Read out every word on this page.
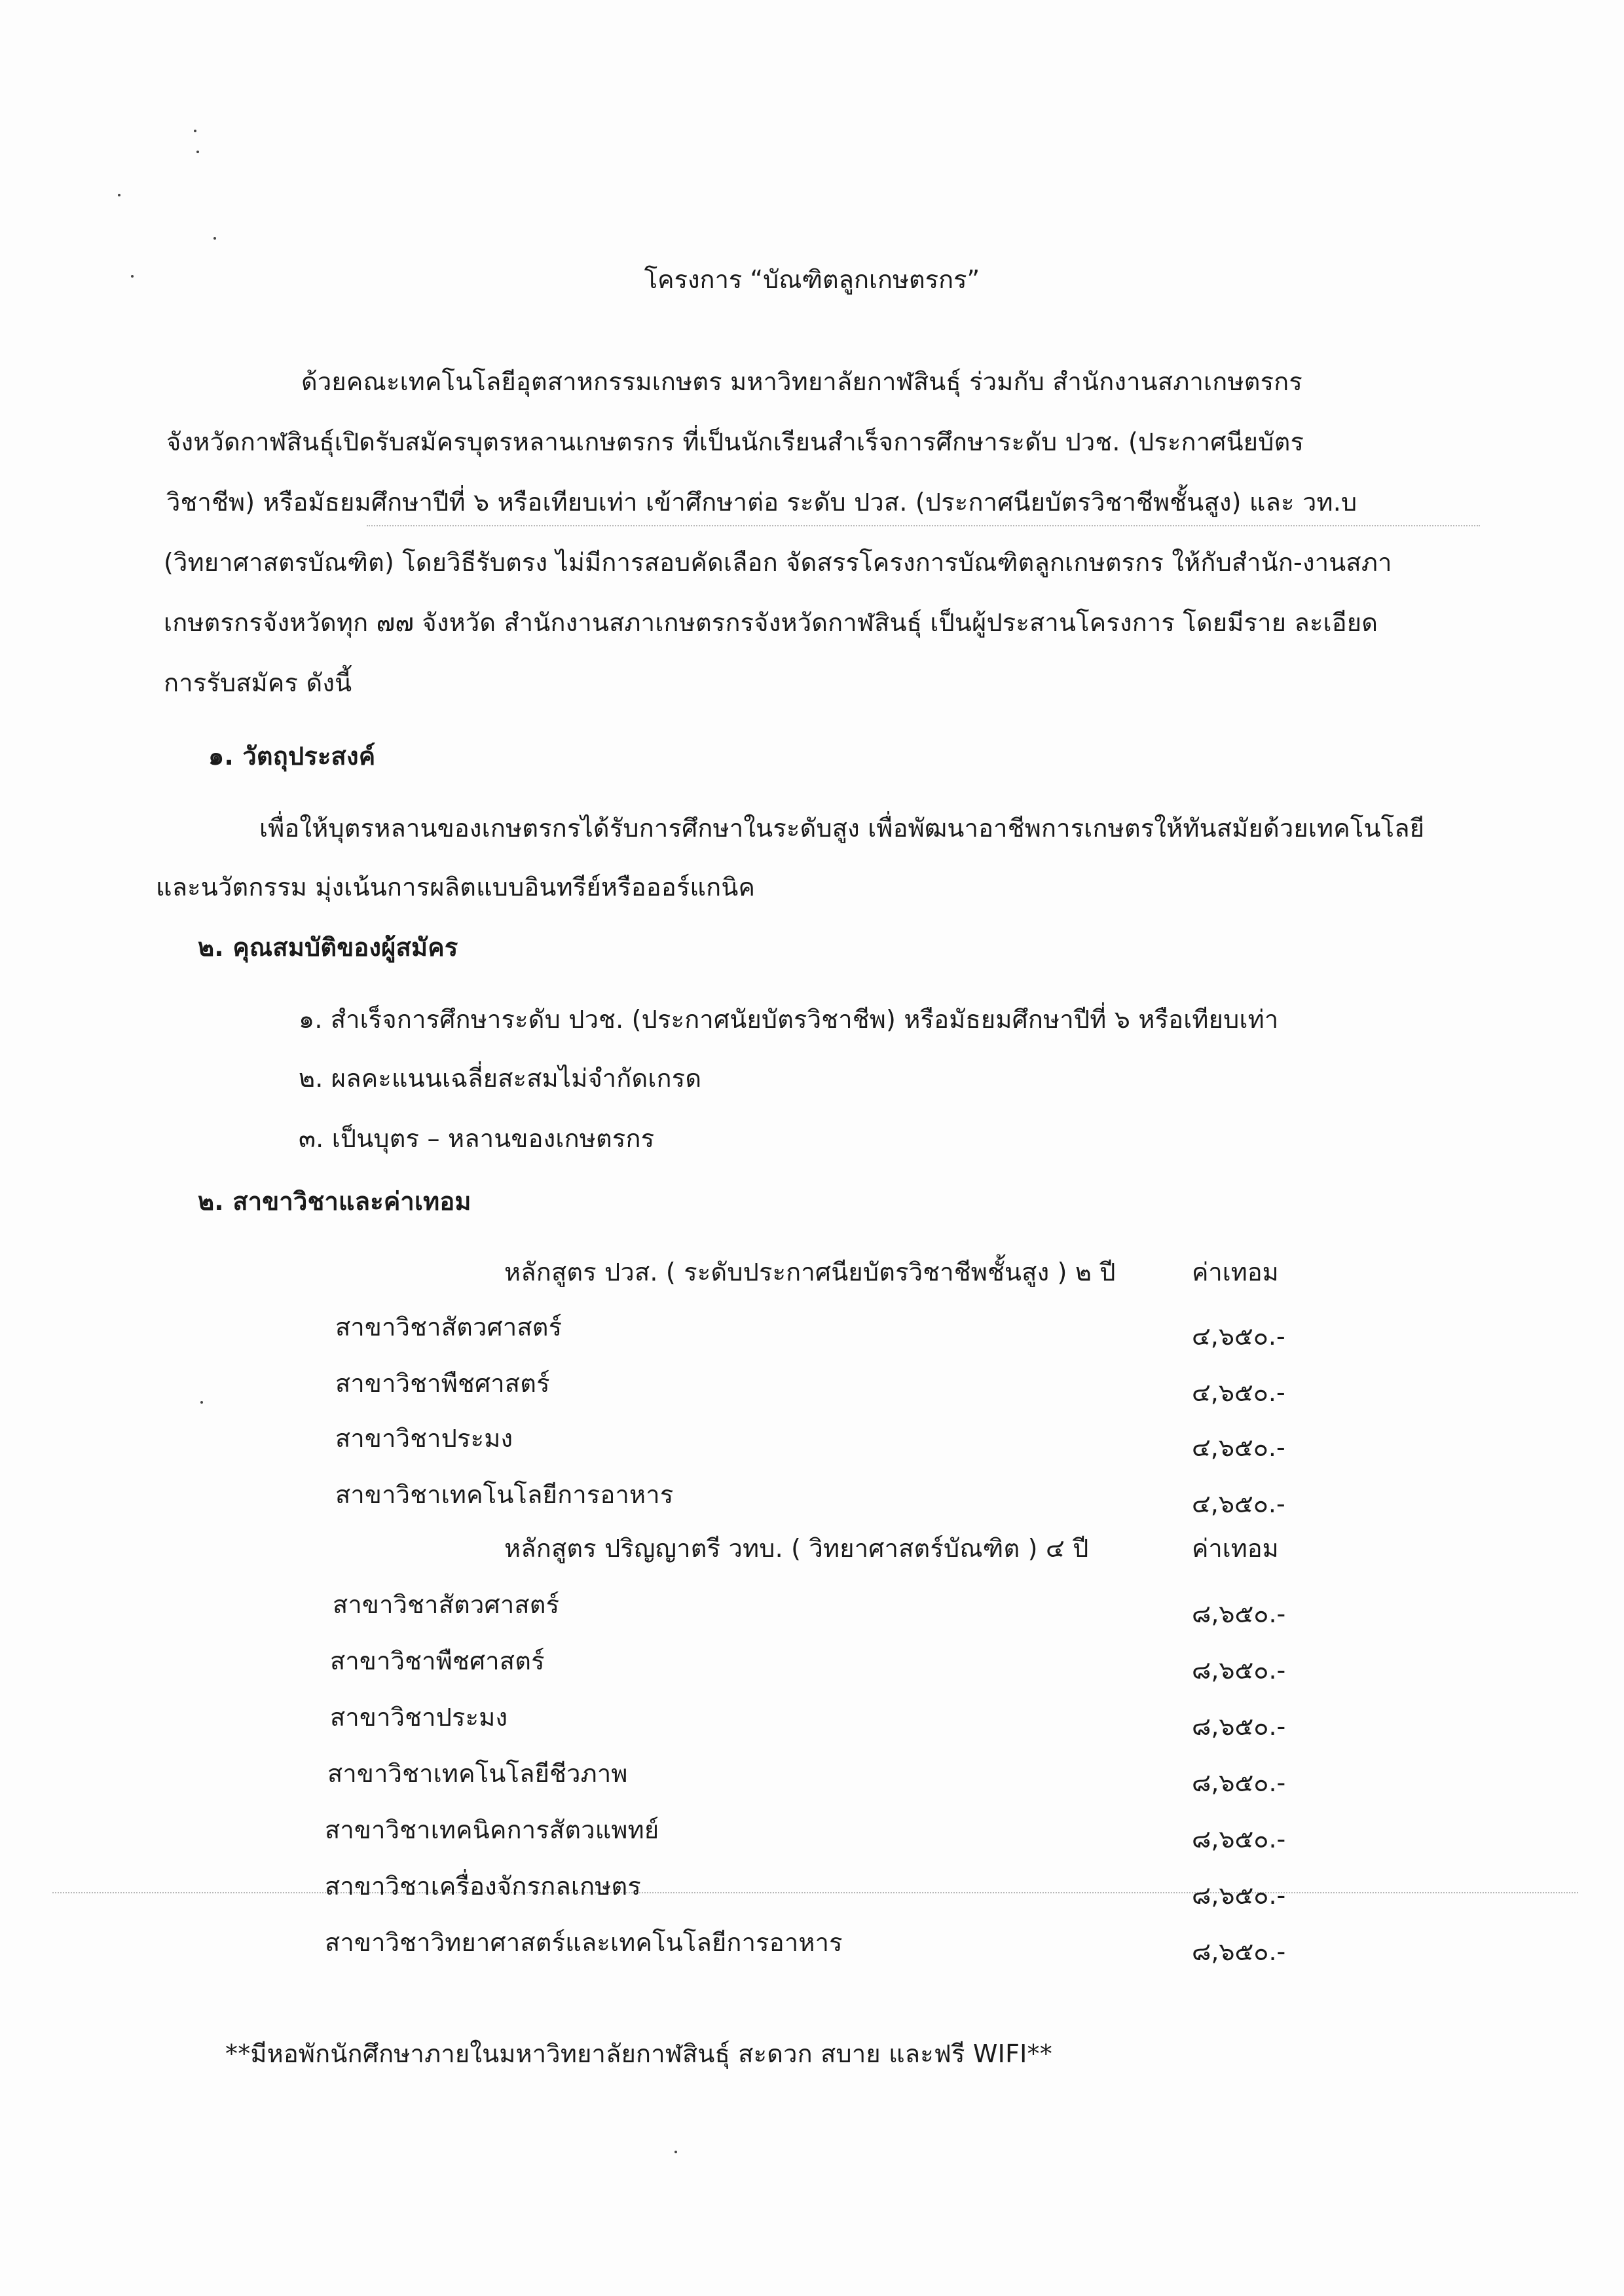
โครงการ “บัณฑิตลูกเกษตรกร”
ด้วยคณะเทคโนโลยีอุตสาหกรรมเกษตร มหาวิทยาลัยกาฬสินธุ์ ร่วมกับ สำนักงานสภาเกษตรกร
จังหวัดกาฬสินธุ์เปิดรับสมัครบุตรหลานเกษตรกร ที่เป็นนักเรียนสำเร็จการศึกษาระดับ ปวช. (ประกาศนียบัตร
วิชาชีพ) หรือมัธยมศึกษาปีที่ ๖ หรือเทียบเท่า เข้าศึกษาต่อ ระดับ ปวส. (ประกาศนียบัตรวิชาชีพชั้นสูง) และ วท.บ
(วิทยาศาสตรบัณฑิต) โดยวิธีรับตรง ไม่มีการสอบคัดเลือก จัดสรรโครงการบัณฑิตลูกเกษตรกร ให้กับสำนัก-งานสภา
เกษตรกรจังหวัดทุก ๗๗ จังหวัด สำนักงานสภาเกษตรกรจังหวัดกาฬสินธุ์ เป็นผู้ประสานโครงการ โดยมีราย ละเอียด
การรับสมัคร ดังนี้
๑. วัตถุประสงค์
เพื่อให้บุตรหลานของเกษตรกรได้รับการศึกษาในระดับสูง เพื่อพัฒนาอาชีพการเกษตรให้ทันสมัยด้วยเทคโนโลยี
และนวัตกรรม มุ่งเน้นการผลิตแบบอินทรีย์หรือออร์แกนิค
๒. คุณสมบัติของผู้สมัคร
๑. สำเร็จการศึกษาระดับ ปวช. (ประกาศนัยบัตรวิชาชีพ) หรือมัธยมศึกษาปีที่ ๖ หรือเทียบเท่า
๒. ผลคะแนนเฉลี่ยสะสมไม่จำกัดเกรด
๓. เป็นบุตร – หลานของเกษตรกร
๒. สาขาวิชาและค่าเทอม
หลักสูตร ปวส. ( ระดับประกาศนียบัตรวิชาชีพชั้นสูง ) ๒ ปี	ค่าเทอม
สาขาวิชาสัตวศาสตร์	๔,๖๕๐.-
สาขาวิชาพืชศาสตร์	๔,๖๕๐.-
สาขาวิชาประมง	๔,๖๕๐.-
สาขาวิชาเทคโนโลยีการอาหาร	๔,๖๕๐.-
หลักสูตร ปริญญาตรี วทบ. ( วิทยาศาสตร์บัณฑิต ) ๔ ปี	ค่าเทอม
สาขาวิชาสัตวศาสตร์	๘,๖๕๐.-
สาขาวิชาพืชศาสตร์	๘,๖๕๐.-
สาขาวิชาประมง	๘,๖๕๐.-
สาขาวิชาเทคโนโลยีชีวภาพ	๘,๖๕๐.-
สาขาวิชาเทคนิคการสัตวแพทย์	๘,๖๕๐.-
สาขาวิชาเครื่องจักรกลเกษตร	๘,๖๕๐.-
สาขาวิชาวิทยาศาสตร์และเทคโนโลยีการอาหาร	๘,๖๕๐.-
**มีหอพักนักศึกษาภายในมหาวิทยาลัยกาฬสินธุ์ สะดวก สบาย และฟรี WIFI**
